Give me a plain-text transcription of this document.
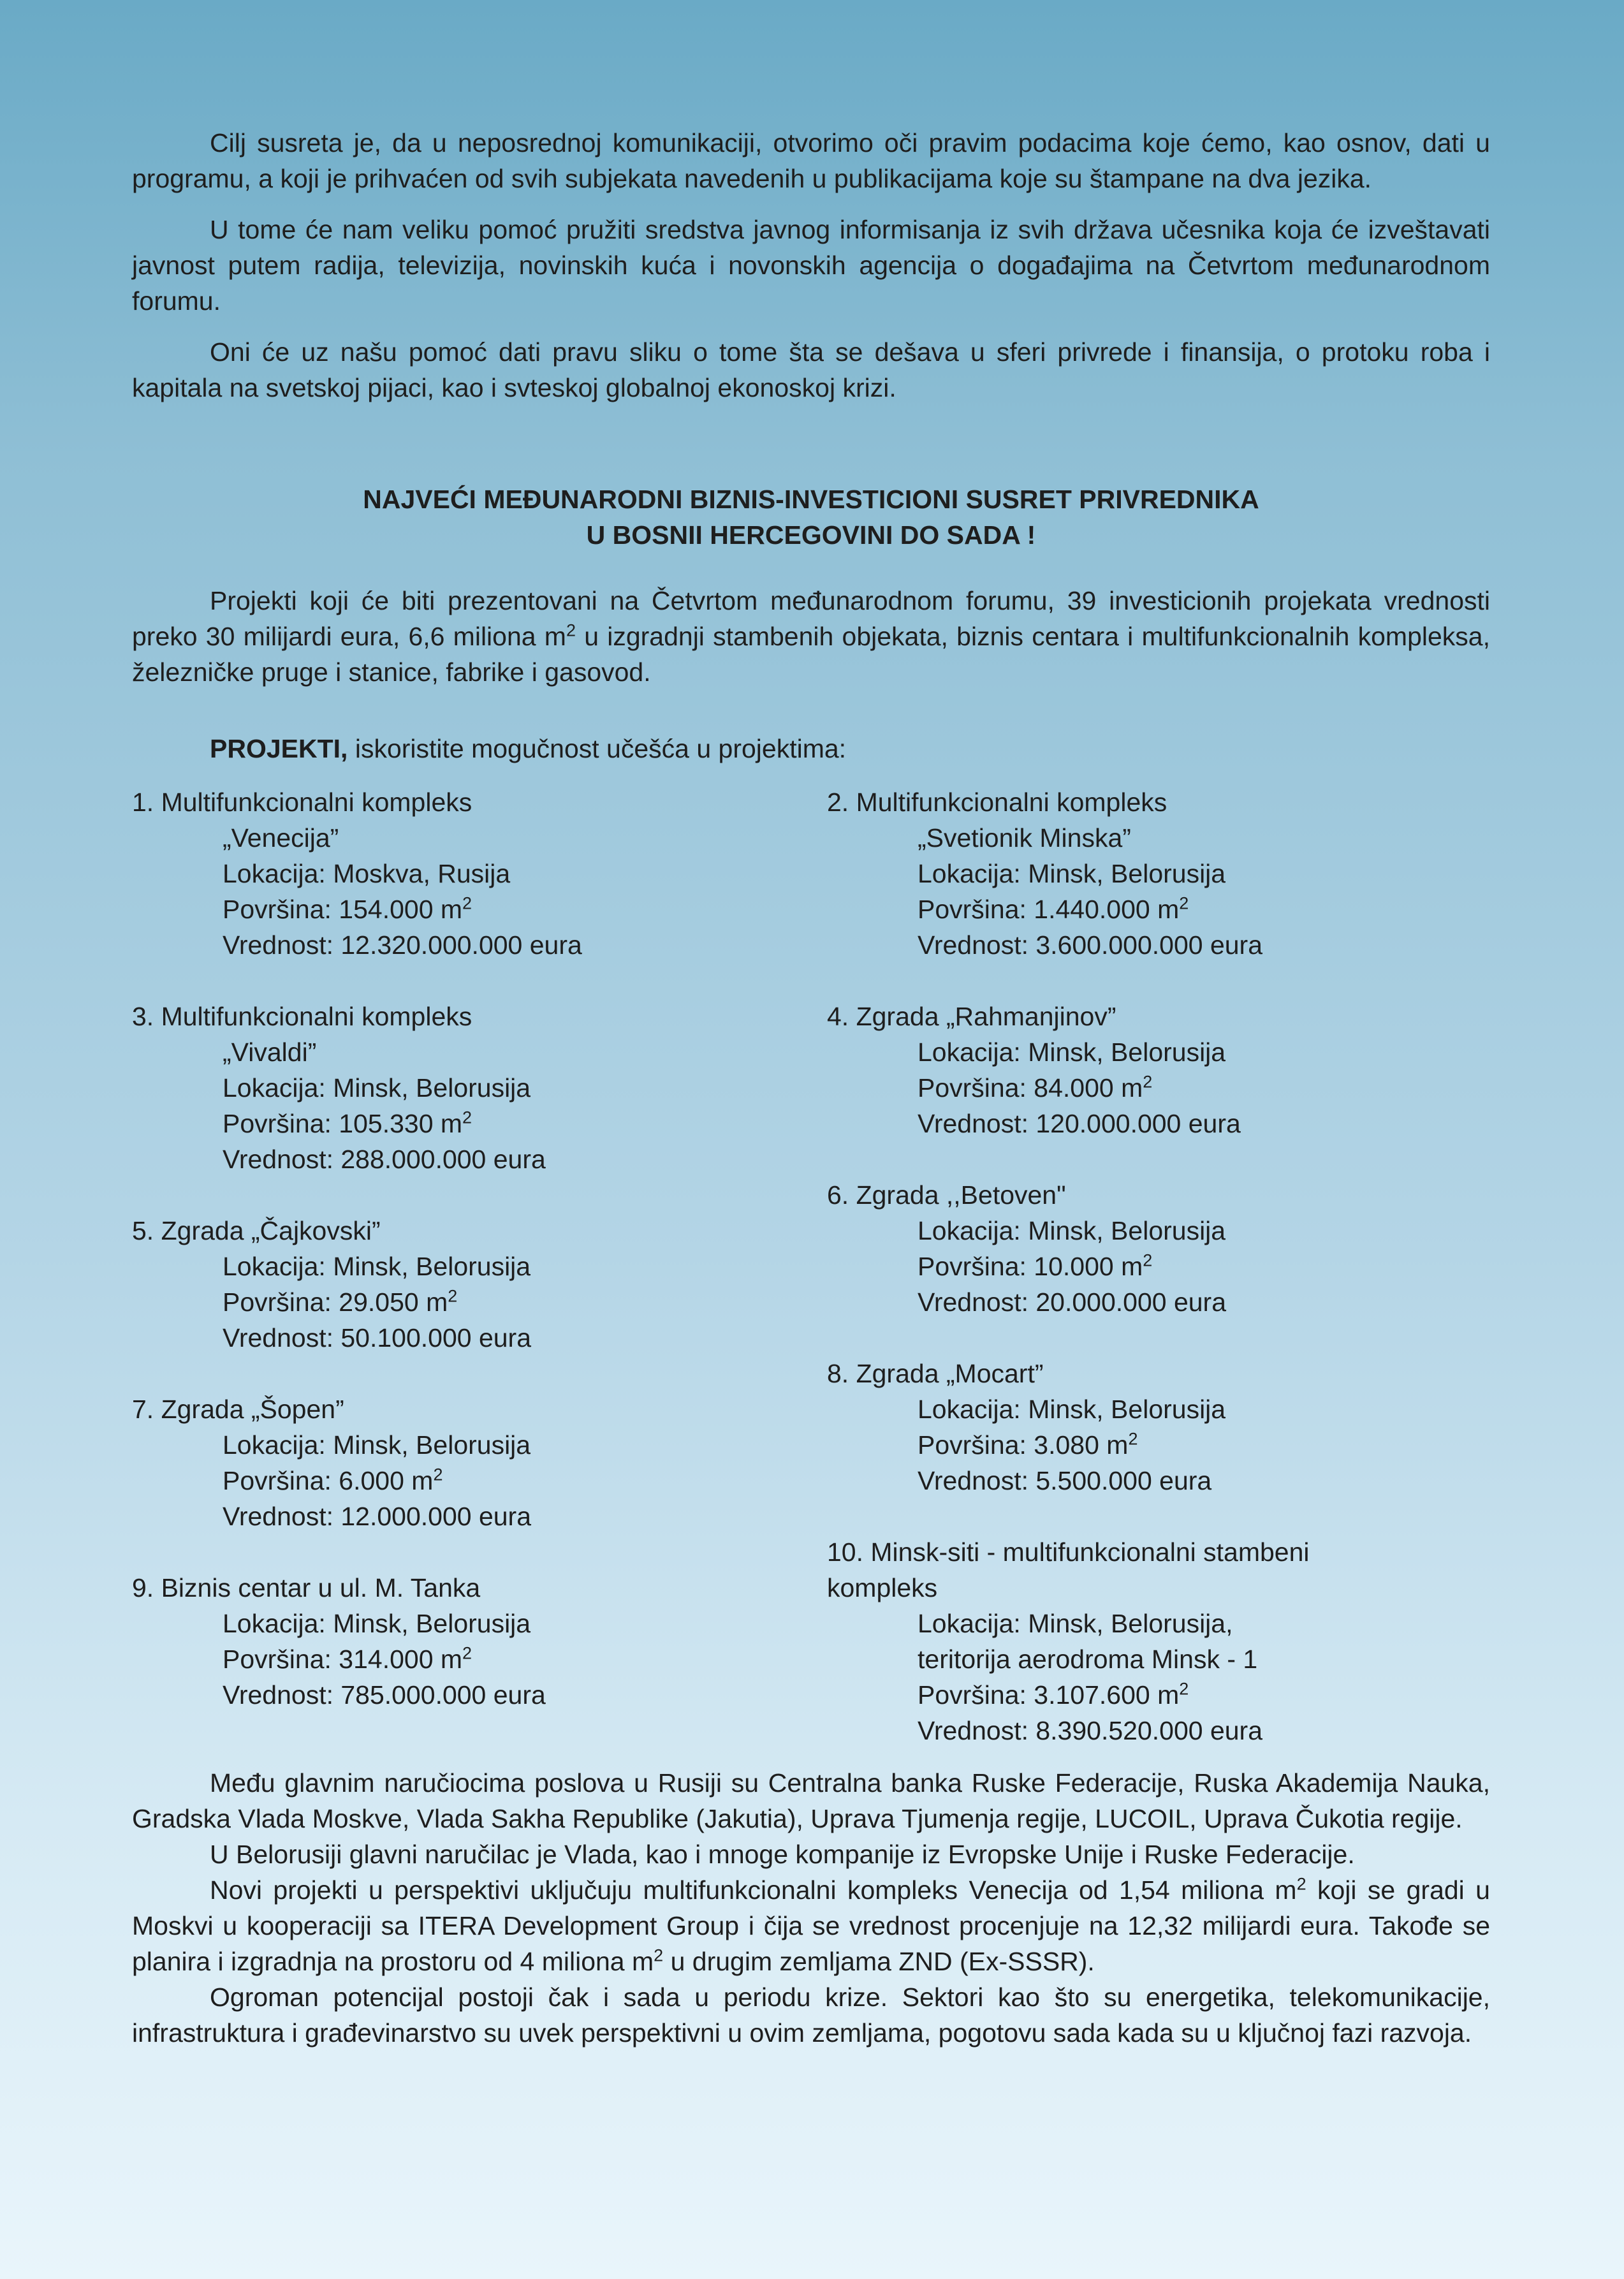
Cilj susreta je, da u neposrednoj komunikaciji, otvorimo oči pravim podacima koje ćemo, kao osnov, dati u programu, a koji je prihvaćen od svih subjekata navedenih u publikacijama koje su štampane na dva jezika.

U tome će nam veliku pomoć pružiti sredstva javnog informisanja iz svih država učesnika koja će izveštavati javnost putem radija, televizija, novinskih kuća i novonskih agencija o događajima na Četvrtom međunarodnom forumu.

Oni će uz našu pomoć dati pravu sliku o tome šta se dešava u sferi privrede i finansija, o protoku roba i kapitala na svetskoj pijaci, kao i svteskoj globalnoj ekonoskoj krizi.

NAJVEĆI MEĐUNARODNI BIZNIS-INVESTICIONI SUSRET PRIVREDNIKA
U BOSNII HERCEGOVINI DO SADA !

Projekti koji će biti prezentovani na Četvrtom međunarodnom forumu, 39 investicionih projekata vrednosti preko 30 milijardi eura, 6,6 miliona $m^2$ u izgradnji stambenih objekata, biznis centara i multifunkcionalnih kompleksa, železničke pruge i stanice, fabrike i gasovod.

PROJEKTI, iskoristite mogučnost učešća u projektima:
1. Multifunkcionalni kompleks
„Venecija”
Lokacija: Moskva, Rusija
Površina: 154.000 $m^2$
Vrednost: 12.320.000.000 eura
3. Multifunkcionalni kompleks
„Vivaldi”
Lokacija: Minsk, Belorusija
Površina: 105.330 $m^2$
Vrednost: 288.000.000 eura
5. Zgrada „Čajkovski”
Lokacija: Minsk, Belorusija
Površina: 29.050 $m^2$
Vrednost: 50.100.000 eura
7. Zgrada „Šopen”
Lokacija: Minsk, Belorusija
Površina: 6.000 $m^2$
Vrednost: 12.000.000 eura
9. Biznis centar u ul. M. Tanka
Lokacija: Minsk, Belorusija
Površina: 314.000 $m^2$
Vrednost: 785.000.000 eura
2. Multifunkcionalni kompleks
„Svetionik Minska”
Lokacija: Minsk, Belorusija
Površina: 1.440.000 $m^2$
Vrednost: 3.600.000.000 eura
4. Zgrada „Rahmanjinov”
Lokacija: Minsk, Belorusija
Površina: 84.000 $m^2$
Vrednost: 120.000.000 eura
6. Zgrada ,,Betoven"
Lokacija: Minsk, Belorusija
Površina: 10.000 $m^2$
Vrednost: 20.000.000 eura
8. Zgrada „Mocart”
Lokacija: Minsk, Belorusija
Površina: 3.080 $m^2$
Vrednost: 5.500.000 eura
10. Minsk-siti - multifunkcionalni stambeni kompleks
Lokacija: Minsk, Belorusija,
teritorija aerodroma Minsk - 1
Površina: 3.107.600 $m^2$
Vrednost: 8.390.520.000 eura

Među glavnim naručiocima poslova u Rusiji su Centralna banka Ruske Federacije, Ruska Akademija Nauka, Gradska Vlada Moskve, Vlada Sakha Republike (Jakutia), Uprava Tjumenja regije, LUCOIL, Uprava Čukotia regije.

U Belorusiji glavni naručilac je Vlada, kao i mnoge kompanije iz Evropske Unije i Ruske Federacije.

Novi projekti u perspektivi uključuju multifunkcionalni kompleks Venecija od 1,54 miliona $m^2$ koji se gradi u Moskvi u kooperaciji sa ITERA Development Group i čija se vrednost procenjuje na 12,32 milijardi eura. Takođe se planira i izgradnja na prostoru od 4 miliona $m^2$ u drugim zemljama ZND (Ex-SSSR).

Ogroman potencijal postoji čak i sada u periodu krize. Sektori kao što su energetika, telekomunikacije, infrastruktura i građevinarstvo su uvek perspektivni u ovim zemljama, pogotovu sada kada su u ključnoj fazi razvoja.
